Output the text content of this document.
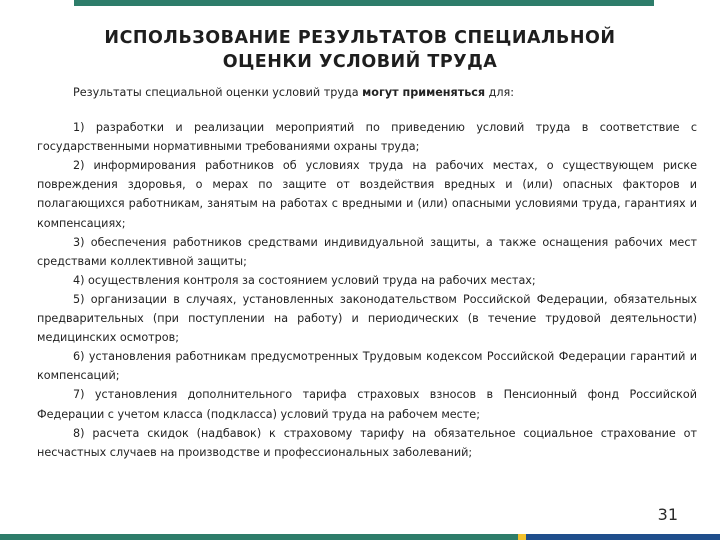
ИСПОЛЬЗОВАНИЕ РЕЗУЛЬТАТОВ СПЕЦИАЛЬНОЙ
ОЦЕНКИ УСЛОВИЙ ТРУДА

Результаты специальной оценки условий труда могут применяться для:

1) разработки и реализации мероприятий по приведению условий труда в соответствие с государственными нормативными требованиями охраны труда;

2) информирования работников об условиях труда на рабочих местах, о существующем риске повреждения здоровья, о мерах по защите от воздействия вредных и (или) опасных факторов и полагающихся работникам, занятым на работах с вредными и (или) опасными условиями труда, гарантиях и компенсациях;

3) обеспечения работников средствами индивидуальной защиты, а также оснащения рабочих мест средствами коллективной защиты;

4) осуществления контроля за состоянием условий труда на рабочих местах;

5) организации в случаях, установленных законодательством Российской Федерации, обязательных предварительных (при поступлении на работу) и периодических (в течение трудовой деятельности) медицинских осмотров;

6) установления работникам предусмотренных Трудовым кодексом Российской Федерации гарантий и компенсаций;

7) установления дополнительного тарифа страховых взносов в Пенсионный фонд Российской Федерации с учетом класса (подкласса) условий труда на рабочем месте;

8) расчета скидок (надбавок) к страховому тарифу на обязательное социальное страхование от несчастных случаев на производстве и профессиональных заболеваний;

31
